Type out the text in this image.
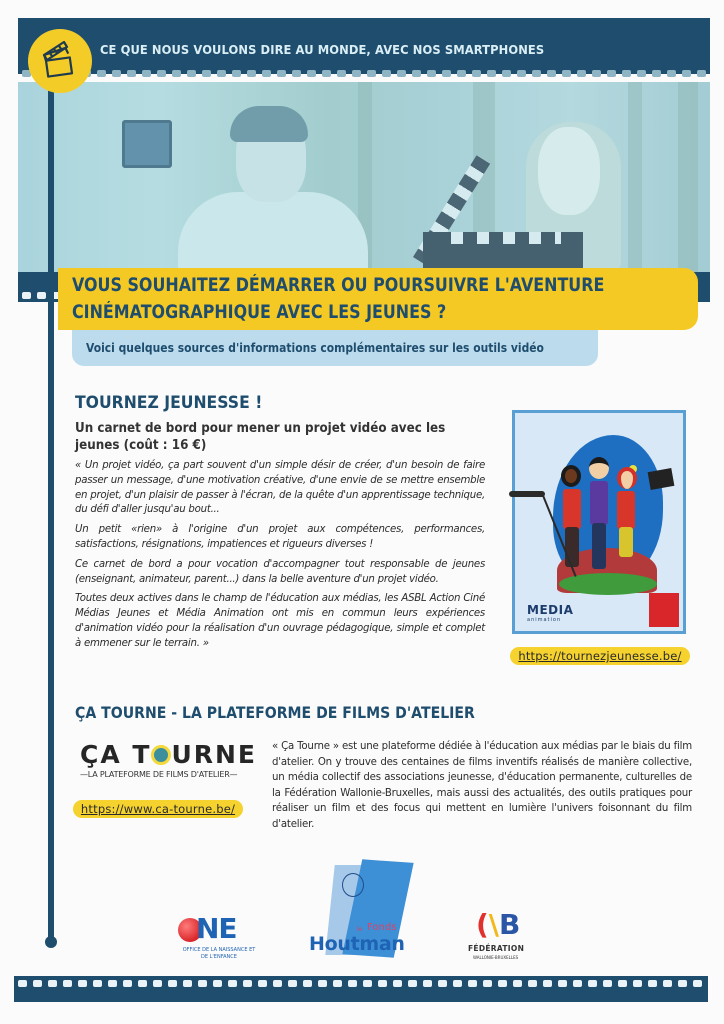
CE QUE NOUS VOULONS DIRE AU MONDE, AVEC NOS SMARTPHONES
VOUS SOUHAITEZ DÉMARRER OU POURSUIVRE L'AVENTURE
CINÉMATOGRAPHIQUE AVEC LES JEUNES ?
Voici quelques sources d'informations complémentaires sur les outils vidéo
TOURNEZ JEUNESSE !
Un carnet de bord pour mener un projet vidéo avec les jeunes (coût : 16 €)

« Un projet vidéo, ça part souvent d'un simple désir de créer, d'un besoin de faire passer un message, d'une motivation créative, d'une envie de se mettre ensemble en projet, d'un plaisir de passer à l'écran, de la quête d'un apprentissage technique, du défi d'aller jusqu'au bout...

Un petit «rien» à l'origine d'un projet aux compétences, performances, satisfactions, résignations, impatiences et rigueurs diverses !

Ce carnet de bord a pour vocation d'accompagner tout responsable de jeunes (enseignant, animateur, parent...) dans la belle aventure d'un projet vidéo.

Toutes deux actives dans le champ de l'éducation aux médias, les ASBL Action Ciné Médias Jeunes et Média Animation ont mis en commun leurs expériences d'animation vidéo pour la réalisation d'un ouvrage pédagogique, simple et complet à emmener sur le terrain. »

MEDIA
animation
https://tournezjeunesse.be/
ÇA TOURNE - LA PLATEFORME DE FILMS D'ATELIER
ÇA T URNE
—LA PLATEFORME DE FILMS D'ATELIER—
https://www.ca-tourne.be/
« Ça Tourne » est une plateforme dédiée à l'éducation aux médias par le biais du film d'atelier. On y trouve des centaines de films inventifs réalisés de manière collective, un média collectif des associations jeunesse, d'éducation permanente, culturelles de la Fédération Wallonie-Bruxelles, mais aussi des actualités, des outils pratiques pour réaliser un film et des focus qui mettent en lumière l'univers foisonnant du film d'atelier.
NE
OFFICE DE LA NAISSANCE ET DE L'ENFANCE
le Fonds
Houtman
(\B
FÉDÉRATION
WALLONIE-BRUXELLES
